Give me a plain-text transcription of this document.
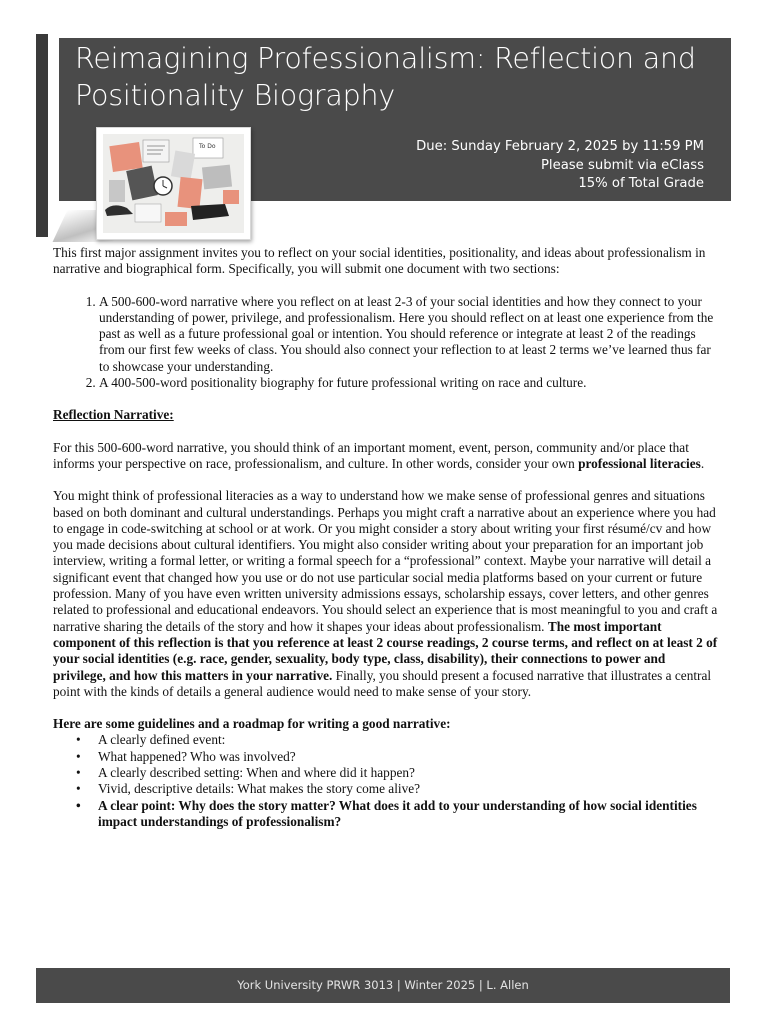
Reimagining Professionalism: Reflection and Positionality Biography
Due: Sunday February 2, 2025 by 11:59 PM
Please submit via eClass
15% of Total Grade
To Do

This first major assignment invites you to reflect on your social identities, positionality, and ideas about professionalism in narrative and biographical form. Specifically, you will submit one document with two sections:

1. A 500-600-word narrative where you reflect on at least 2-3 of your social identities and how they connect to your understanding of power, privilege, and professionalism. Here you should reflect on at least one experience from the past as well as a future professional goal or intention. You should reference or integrate at least 2 of the readings from our first few weeks of class. You should also connect your reflection to at least 2 terms we’ve learned thus far to showcase your understanding.
2. A 400-500-word positionality biography for future professional writing on race and culture.

Reflection Narrative:

For this 500-600-word narrative, you should think of an important moment, event, person, community and/or place that informs your perspective on race, professionalism, and culture. In other words, consider your own professional literacies.

You might think of professional literacies as a way to understand how we make sense of professional genres and situations based on both dominant and cultural understandings. Perhaps you might craft a narrative about an experience where you had to engage in code-switching at school or at work. Or you might consider a story about writing your first résumé/cv and how you made decisions about cultural identifiers. You might also consider writing about your preparation for an important job interview, writing a formal letter, or writing a formal speech for a “professional” context. Maybe your narrative will detail a significant event that changed how you use or do not use particular social media platforms based on your current or future profession. Many of you have even written university admissions essays, scholarship essays, cover letters, and other genres related to professional and educational endeavors. You should select an experience that is most meaningful to you and craft a narrative sharing the details of the story and how it shapes your ideas about professionalism. The most important component of this reflection is that you reference at least 2 course readings, 2 course terms, and reflect on at least 2 of your social identities (e.g. race, gender, sexuality, body type, class, disability), their connections to power and privilege, and how this matters in your narrative. Finally, you should present a focused narrative that illustrates a central point with the kinds of details a general audience would need to make sense of your story.

Here are some guidelines and a roadmap for writing a good narrative:

• A clearly defined event:
• What happened? Who was involved?
• A clearly described setting: When and where did it happen?
• Vivid, descriptive details: What makes the story come alive?
• A clear point: Why does the story matter? What does it add to your understanding of how social identities impact understandings of professionalism?
York University PRWR 3013 | Winter 2025 | L. Allen
